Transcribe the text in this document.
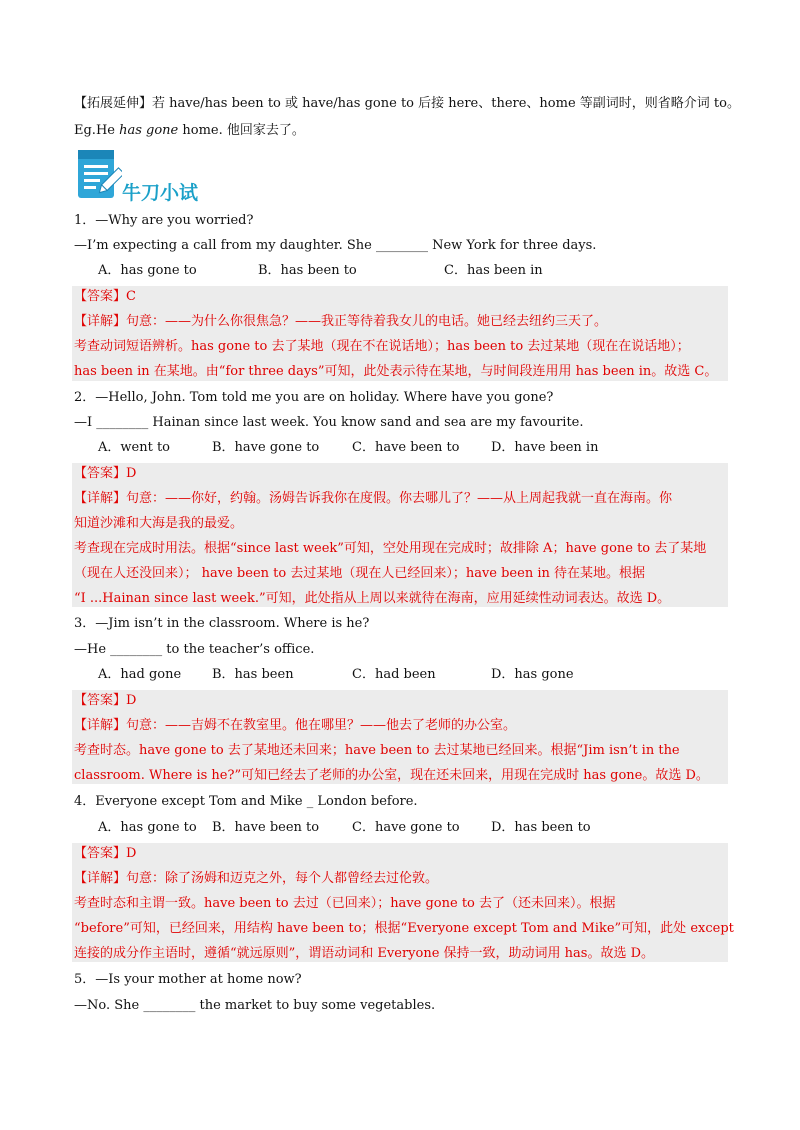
【拓展延伸】若 have/has been to 或 have/has gone to 后接 here、there、home 等副词时，则省略介词 to。
Eg.He has gone home. 他回家去了。
牛刀小试
1．—Why are you worried?
—I’m expecting a call from my daughter. She ________ New York for three days.
A．has gone to	B．has been to	C．has been in
【答案】C
【详解】句意：——为什么你很焦急？——我正等待着我女儿的电话。她已经去纽约三天了。
考查动词短语辨析。has gone to 去了某地（现在不在说话地）；has been to 去过某地（现在在说话地）；
has been in 在某地。由“for three days”可知，此处表示待在某地，与时间段连用用 has been in。故选 C。
2．—Hello, John. Tom told me you are on holiday. Where have you gone?
—I ________ Hainan since last week. You know sand and sea are my favourite.
A．went to	B．have gone to	C．have been to D．have been in
【答案】D
【详解】句意：——你好，约翰。汤姆告诉我你在度假。你去哪儿了？——从上周起我就一直在海南。你
知道沙滩和大海是我的最爱。
考查现在完成时用法。根据“since last week”可知，空处用现在完成时；故排除 A；have gone to 去了某地
（现在人还没回来）； have been to 去过某地（现在人已经回来）；have been in 待在某地。根据
“I ...Hainan since last week.”可知，此处指从上周以来就待在海南，应用延续性动词表达。故选 D。
3．—Jim isn’t in the classroom. Where is he?
—He ________ to the teacher’s office.
A．had gone B．has been	C．had been	D．has gone
【答案】D
【详解】句意：——吉姆不在教室里。他在哪里？——他去了老师的办公室。
考查时态。have gone to 去了某地还未回来；have been to 去过某地已经回来。根据“Jim isn’t in the
classroom. Where is he?”可知已经去了老师的办公室，现在还未回来，用现在完成时 has gone。故选 D。
4．Everyone except Tom and Mike _ London before.
A．has gone to B．have been to	C．have gone to D．has been to
【答案】D
【详解】句意：除了汤姆和迈克之外，每个人都曾经去过伦敦。
考查时态和主谓一致。have been to 去过（已回来）；have gone to 去了（还未回来）。根据
“before”可知，已经回来，用结构 have been to；根据“Everyone except Tom and Mike”可知，此处 except
连接的成分作主语时，遵循“就远原则”，谓语动词和 Everyone 保持一致，助动词用 has。故选 D。
5．—Is your mother at home now?
—No. She ________ the market to buy some vegetables.
